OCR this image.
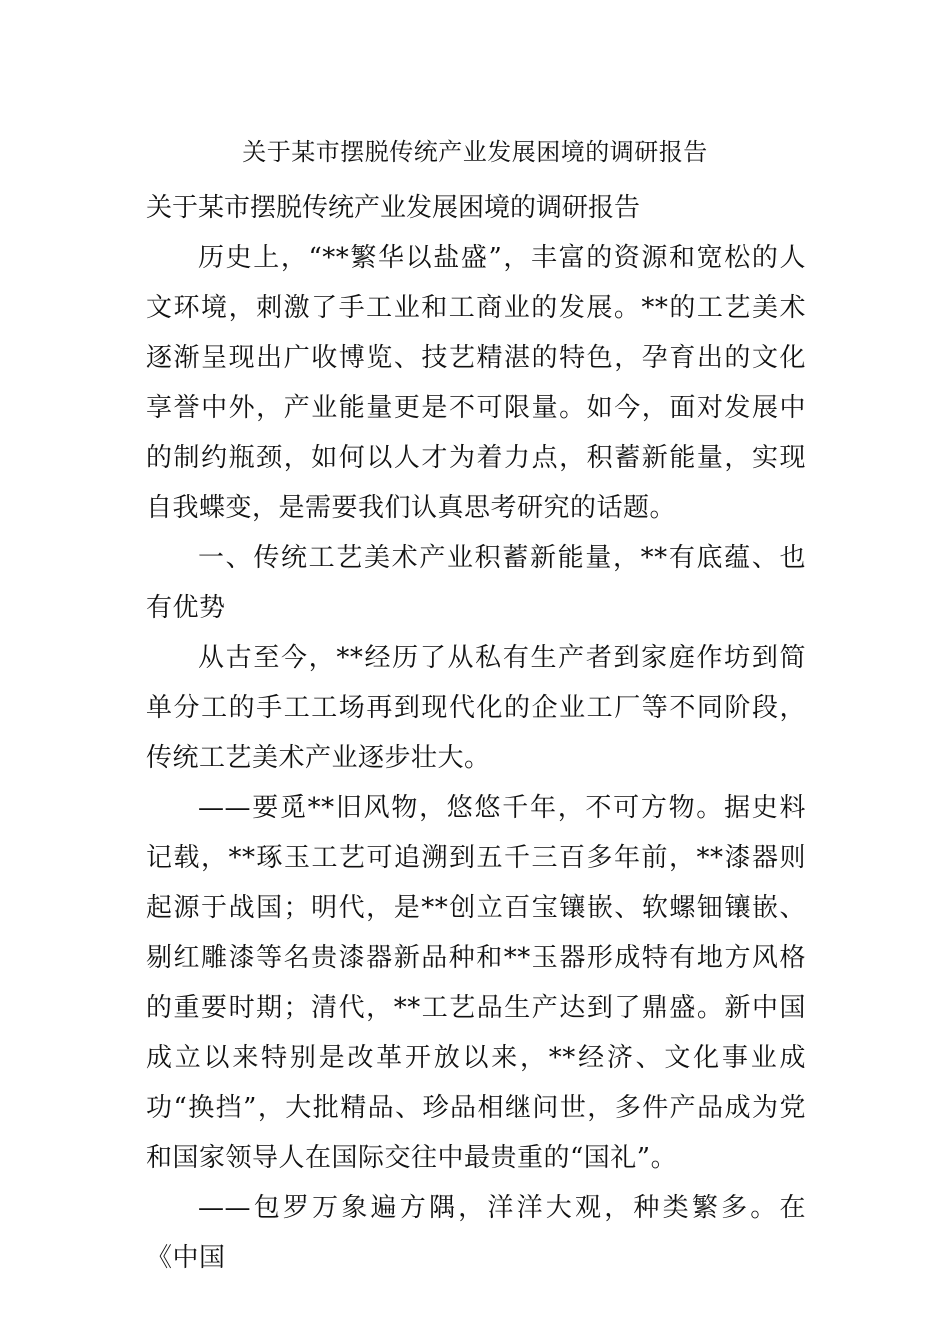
关于某市摆脱传统产业发展困境的调研报告

关于某市摆脱传统产业发展困境的调研报告

历史上，“**繁华以盐盛”，丰富的资源和宽松的人文环境，刺激了手工业和工商业的发展。**的工艺美术逐渐呈现出广收博览、技艺精湛的特色，孕育出的文化享誉中外，产业能量更是不可限量。如今，面对发展中的制约瓶颈，如何以人才为着力点，积蓄新能量，实现自我蝶变，是需要我们认真思考研究的话题。

一、传统工艺美术产业积蓄新能量，**有底蕴、也有优势

从古至今，**经历了从私有生产者到家庭作坊到简单分工的手工工场再到现代化的企业工厂等不同阶段，传统工艺美术产业逐步壮大。

——要觅**旧风物，悠悠千年，不可方物。据史料记载，**琢玉工艺可追溯到五千三百多年前，**漆器则起源于战国；明代，是**创立百宝镶嵌、软螺钿镶嵌、剔红雕漆等名贵漆器新品种和**玉器形成特有地方风格的重要时期；清代，**工艺品生产达到了鼎盛。新中国成立以来特别是改革开放以来，**经济、文化事业成功“换挡”，大批精品、珍品相继问世，多件产品成为党和国家领导人在国际交往中最贵重的“国礼”。

——包罗万象遍方隅，洋洋大观，种类繁多。在《中国
